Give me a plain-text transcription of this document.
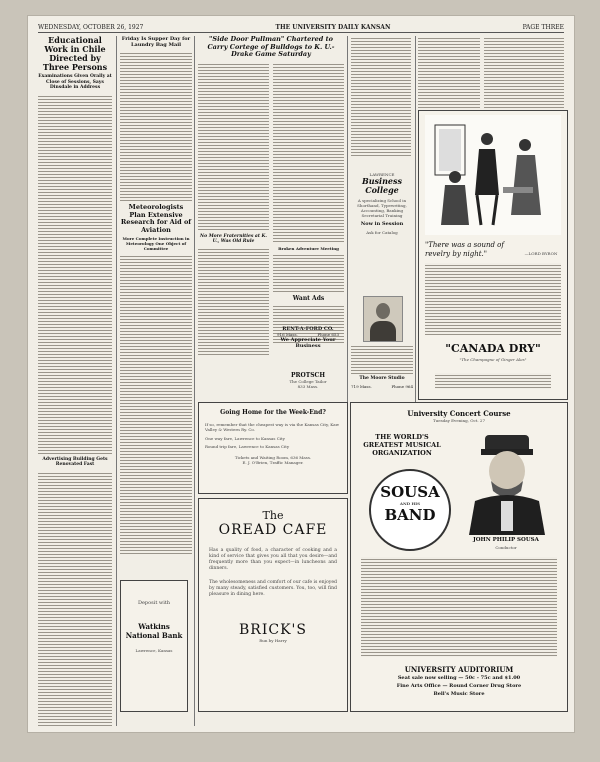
WEDNESDAY, OCTOBER 26, 1927	THE UNIVERSITY DAILY KANSAN	PAGE THREE
Educational Work in Chile Directed by Three Persons
Examinations Given Orally at Close of Sessions, Says Dinsdale in Address
Advertising Building Gets Renovated Fast
Friday Is Supper Day for Laundry Bag Mail
Meteorologists Plan Extensive Research for Aid of Aviation
More Complete Instruction in Meteorology One Object of Committee
Deposit with
Watkins National Bank
Lawrence, Kansas
"Side Door Pullman" Chartered to Carry Cortege of Bulldogs to K. U.-Drake Game Saturday
No More Fraternities at K. U., Was Old Rule
Broken Adventure Meeting
Want Ads
RENT-A-FORD CO.
916 Mass.	Phone 653
We Appreciate Your Business
PROTSCH
The College Tailor
833 Mass.
LAWRENCE
Business College
A specializing School in Shorthand, Typewriting, Accounting, Banking Secretarial Training
Now in Session
Ask for Catalog
The Moore Studio
719 Mass.	Phone 964
"There was a sound of revelry by night."	—LORD BYRON
"CANADA DRY"
"The Champagne of Ginger Ales"
Going Home for the Week-End?
If so, remember that the cheapest way is via the Kansas City, Kaw Valley & Western Ry. Co.
One way fare, Lawrence to Kansas City
Round trip fare, Lawrence to Kansas City
Tickets and Waiting Room, 636 Mass.
E. J. O'Brien, Traffic Manager.
The
OREAD CAFE
Has a quality of food, a character of cooking and a kind of service that gives you all that you desire—and frequently more than you expect—in luncheons and dinners.
The wholesomeness and comfort of our cafe is enjoyed by many steady, satisfied customers. You, too, will find pleasure in dining here.
BRICK'S
Run by Harry
University Concert Course
Tuesday Evening, Oct. 27
THE WORLD'S GREATEST MUSICAL ORGANIZATION
SOUSA
AND HIS
BAND
JOHN PHILIP SOUSA
Conductor
UNIVERSITY AUDITORIUM
Seat sale now selling — 50c - 75c and $1.00
Fine Arts Office — Round Corner Drug Store
Bell's Music Store
